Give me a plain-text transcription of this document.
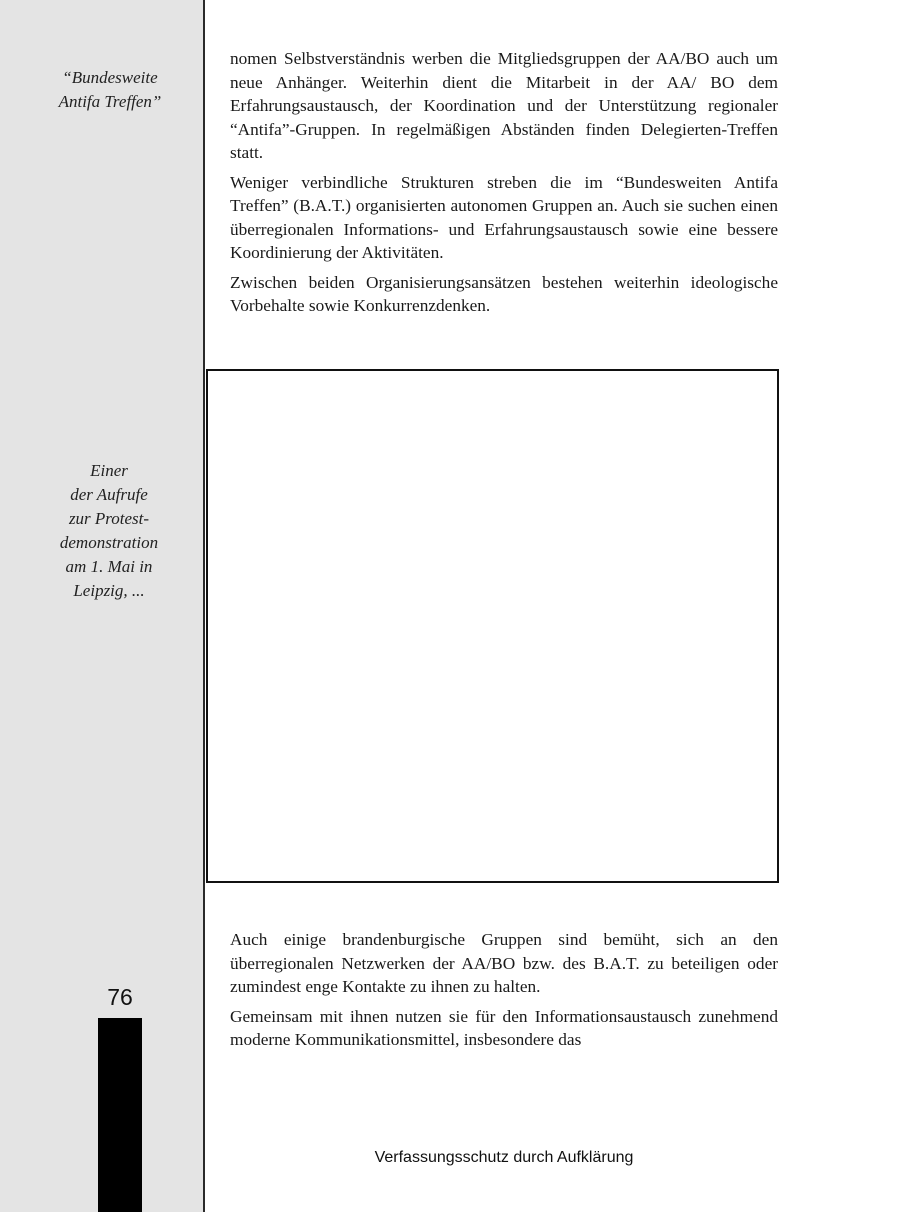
“Bundesweite
Antifa Treffen”
Einer
der Aufrufe
zur Protest-
demonstration
am 1. Mai in
Leipzig, ...
76

nomen Selbstverständnis werben die Mitgliedsgruppen der AA/BO auch um neue Anhänger. Weiterhin dient die Mitarbeit in der AA/ BO dem Erfahrungsaustausch, der Koordination und der Unterstützung regionaler “Antifa”-Gruppen. In regelmäßigen Abständen finden Delegierten-Treffen statt.

Weniger verbindliche Strukturen streben die im “Bundesweiten Antifa Treffen” (B.A.T.) organisierten autonomen Gruppen an. Auch sie suchen einen überregionalen Informations- und Erfahrungsaustausch sowie eine bessere Koordinierung der Aktivitäten.

Zwischen beiden Organisierungsansätzen bestehen weiterhin ideologische Vorbehalte sowie Konkurrenzdenken.

Auch einige brandenburgische Gruppen sind bemüht, sich an den überregionalen Netzwerken der AA/BO bzw. des B.A.T. zu beteiligen oder zumindest enge Kontakte zu ihnen zu halten.

Gemeinsam mit ihnen nutzen sie für den Informationsaustausch zunehmend moderne Kommunikationsmittel, insbesondere das

Verfassungsschutz durch Aufklärung
